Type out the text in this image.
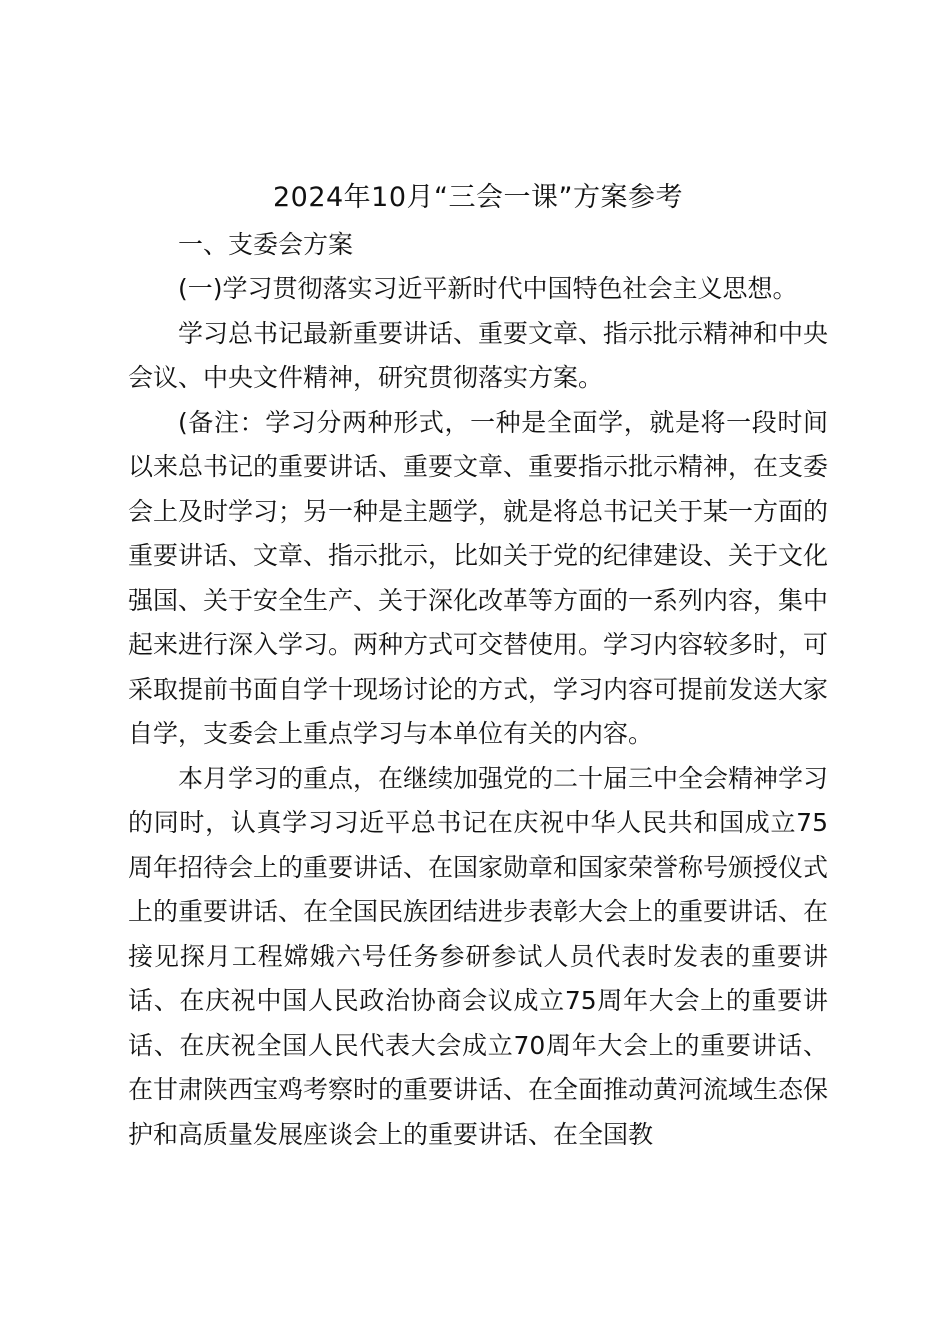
2024年10月“三会一课”方案参考

一、支委会方案

(一)学习贯彻落实习近平新时代中国特色社会主义思想。

学习总书记最新重要讲话、重要文章、指示批示精神和中央会议、中央文件精神，研究贯彻落实方案。

(备注：学习分两种形式，一种是全面学，就是将一段时间以来总书记的重要讲话、重要文章、重要指示批示精神，在支委会上及时学习；另一种是主题学，就是将总书记关于某一方面的重要讲话、文章、指示批示，比如关于党的纪律建设、关于文化强国、关于安全生产、关于深化改革等方面的一系列内容，集中起来进行深入学习。两种方式可交替使用。学习内容较多时，可采取提前书面自学十现场讨论的方式，学习内容可提前发送大家自学，支委会上重点学习与本单位有关的内容。

本月学习的重点，在继续加强党的二十届三中全会精神学习的同时，认真学习习近平总书记在庆祝中华人民共和国成立75周年招待会上的重要讲话、在国家勋章和国家荣誉称号颁授仪式上的重要讲话、在全国民族团结进步表彰大会上的重要讲话、在接见探月工程嫦娥六号任务参研参试人员代表时发表的重要讲话、在庆祝中国人民政治协商会议成立75周年大会上的重要讲话、在庆祝全国人民代表大会成立70周年大会上的重要讲话、在甘肃陕西宝鸡考察时的重要讲话、在全面推动黄河流域生态保护和高质量发展座谈会上的重要讲话、在全国教
